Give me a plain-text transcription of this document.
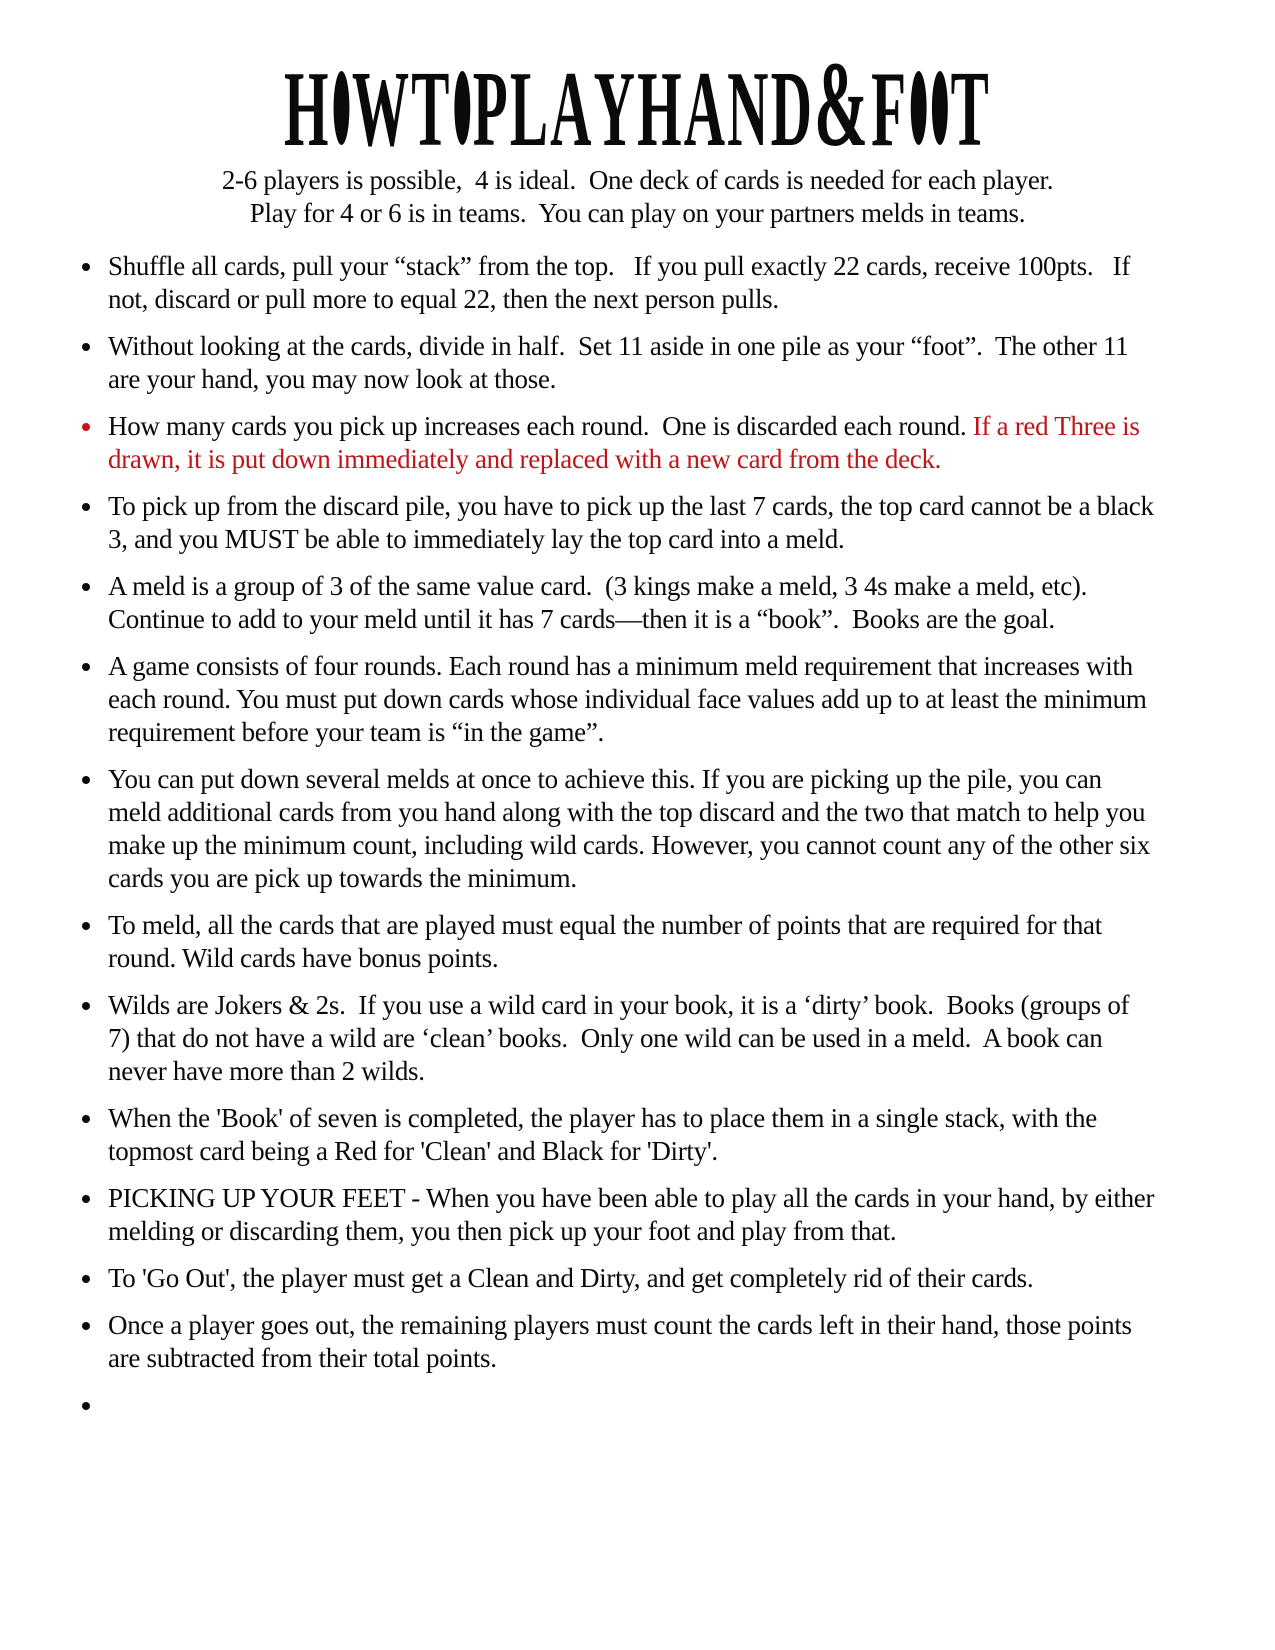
H ♥ W T ♥ P L A Y H A N D & F ♥ ♥ T

2-6 players is possible,  4 is ideal.  One deck of cards is needed for each player.
Play for 4 or 6 is in teams.  You can play on your partners melds in teams.

Shuffle all cards, pull your “stack” from the top.   If you pull exactly 22 cards, receive 100pts.   If not, discard or pull more to equal 22, then the next person pulls.
Without looking at the cards, divide in half.  Set 11 aside in one pile as your “foot”.  The other 11 are your hand, you may now look at those.
How many cards you pick up increases each round.  One is discarded each round. If a red Three is drawn, it is put down immediately and replaced with a new card from the deck.
To pick up from the discard pile, you have to pick up the last 7 cards, the top card cannot be a black 3, and you MUST be able to immediately lay the top card into a meld.
A meld is a group of 3 of the same value card.  (3 kings make a meld, 3 4s make a meld, etc).  Continue to add to your meld until it has 7 cards—then it is a “book”.  Books are the goal.
A game consists of four rounds. Each round has a minimum meld requirement that increases with each round. You must put down cards whose individual face values add up to at least the minimum requirement before your team is “in the game”.
You can put down several melds at once to achieve this. If you are picking up the pile, you can meld additional cards from you hand along with the top discard and the two that match to help you make up the minimum count, including wild cards. However, you cannot count any of the other six cards you are pick up towards the minimum.
To meld, all the cards that are played must equal the number of points that are required for that round. Wild cards have bonus points.
Wilds are Jokers & 2s.  If you use a wild card in your book, it is a ‘dirty’ book.  Books (groups of 7) that do not have a wild are ‘clean’ books.  Only one wild can be used in a meld.  A book can never have more than 2 wilds.
When the 'Book' of seven is completed, the player has to place them in a single stack, with the topmost card being a Red for 'Clean' and Black for 'Dirty'.
PICKING UP YOUR FEET - When you have been able to play all the cards in your hand, by either melding or discarding them, you then pick up your foot and play from that.
To 'Go Out', the player must get a Clean and Dirty, and get completely rid of their cards.
Once a player goes out, the remaining players must count the cards left in their hand, those points are subtracted from their total points.
